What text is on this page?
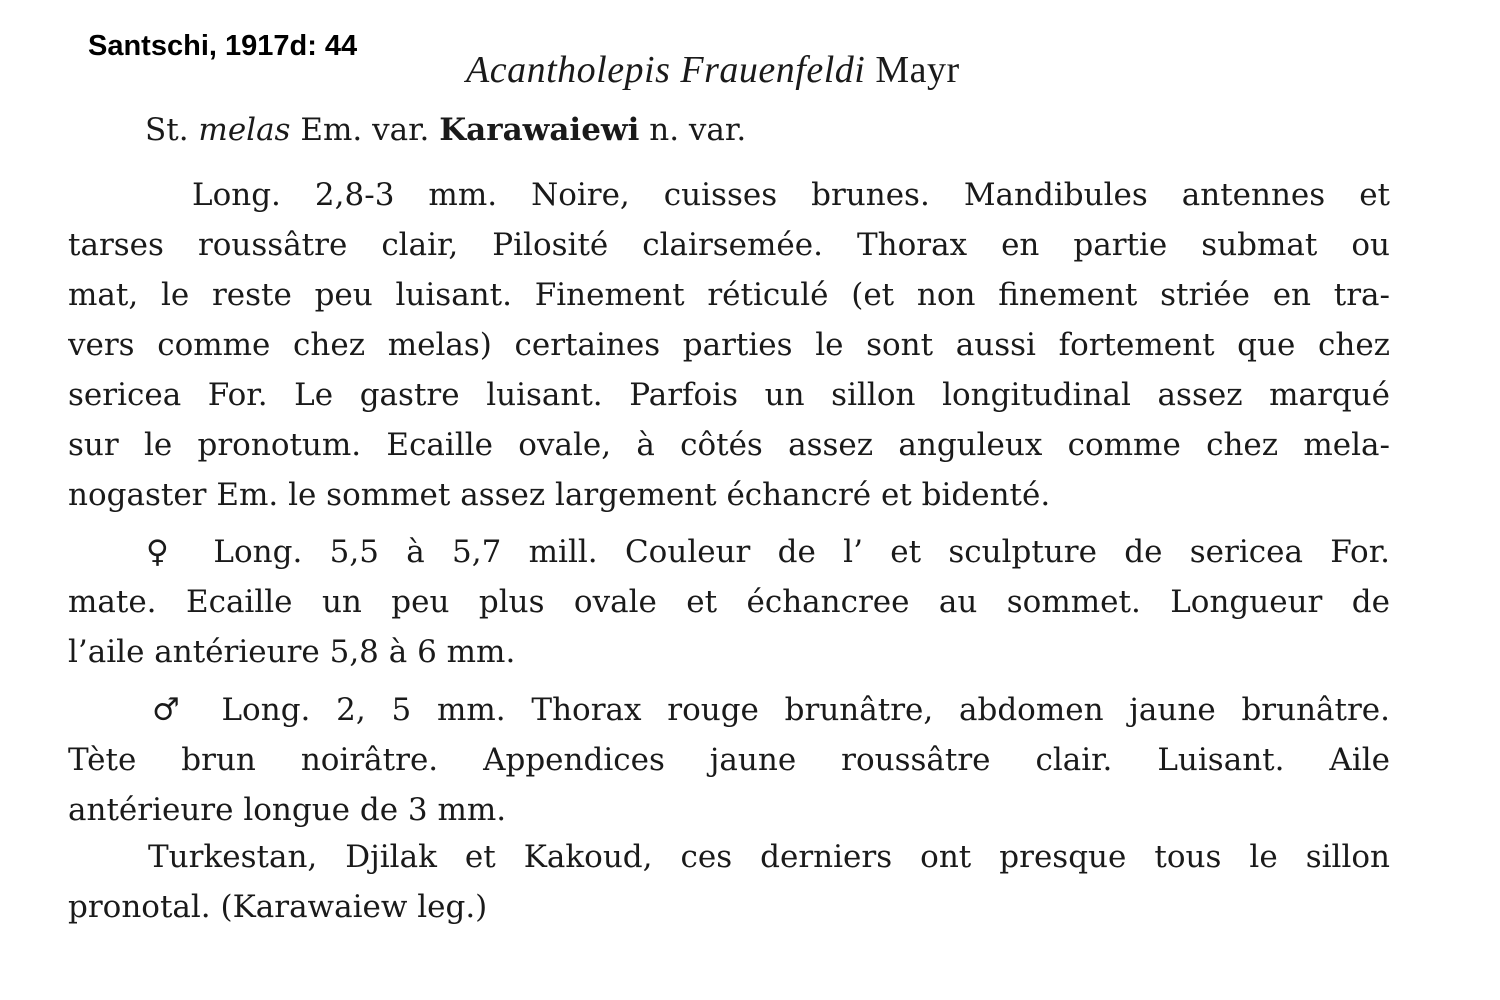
Santschi, 1917d: 44
Acantholepis Frauenfeldi Mayr
St. melas Em. var. Karawaiewi n. var.
Long. 2,8-3 mm. Noire, cuisses brunes. Mandibules antennes et
tarses roussâtre clair, Pilosité clairsemée. Thorax en partie submat ou
mat, le reste peu luisant. Finement réticulé (et non finement striée en tra-
vers comme chez melas) certaines parties le sont aussi fortement que chez
sericea For. Le gastre luisant. Parfois un sillon longitudinal assez marqué
sur le pronotum. Ecaille ovale, à côtés assez anguleux comme chez mela-
nogaster Em. le sommet assez largement échancré et bidenté.
♀ Long. 5,5 à 5,7 mill. Couleur de l’ et sculpture de sericea For.
mate. Ecaille un peu plus ovale et échancree au sommet. Longueur de
l’aile antérieure 5,8 à 6 mm.
♂ Long. 2, 5 mm. Thorax rouge brunâtre, abdomen jaune brunâtre.
Tète brun noirâtre. Appendices jaune roussâtre clair. Luisant. Aile
antérieure longue de 3 mm.
Turkestan, Djilak et Kakoud, ces derniers ont presque tous le sillon
pronotal. (Karawaiew leg.)
